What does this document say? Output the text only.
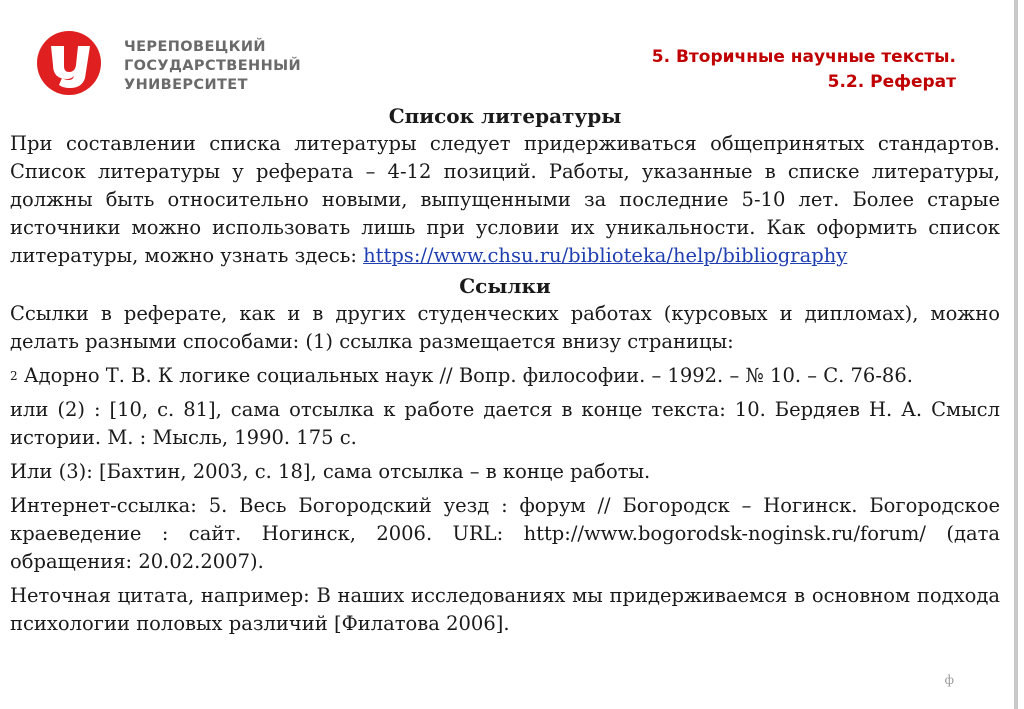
ЧЕРЕПОВЕЦКИЙ
ГОСУДАРСТВЕННЫЙ
УНИВЕРСИТЕТ
5. Вторичные научные тексты.
5.2. Реферат

Список литературы

При составлении списка литературы следует придерживаться общепринятых стандартов. Список литературы у реферата – 4-12 позиций. Работы, указанные в списке литературы, должны быть относительно новыми, выпущенными за последние 5-10 лет. Более старые источники можно использовать лишь при условии их уникальности. Как оформить список литературы, можно узнать здесь: https://www.chsu.ru/biblioteka/help/bibliography

Ссылки

Ссылки в реферате, как и в других студенческих работах (курсовых и дипломах), можно делать разными способами: (1) ссылка размещается внизу страницы:

2 Адорно Т. В. К логике социальных наук // Вопр. философии. – 1992. – № 10. – С. 76-86.

или (2) : [10, с. 81], сама отсылка к работе дается в конце текста: 10. Бердяев Н. А. Смысл истории. М. : Мысль, 1990. 175 с.

Или (3): [Бахтин, 2003, с. 18], сама отсылка – в конце работы.

Интернет-ссылка: 5. Весь Богородский уезд : форум // Богородск – Ногинск. Богородское краеведение : сайт. Ногинск, 2006. URL: http://www.bogorodsk-noginsk.ru/forum/ (дата обращения: 20.02.2007).

Неточная цитата, например: В наших исследованиях мы придерживаемся в основном подхода психологии половых различий [Филатова 2006].

ф
